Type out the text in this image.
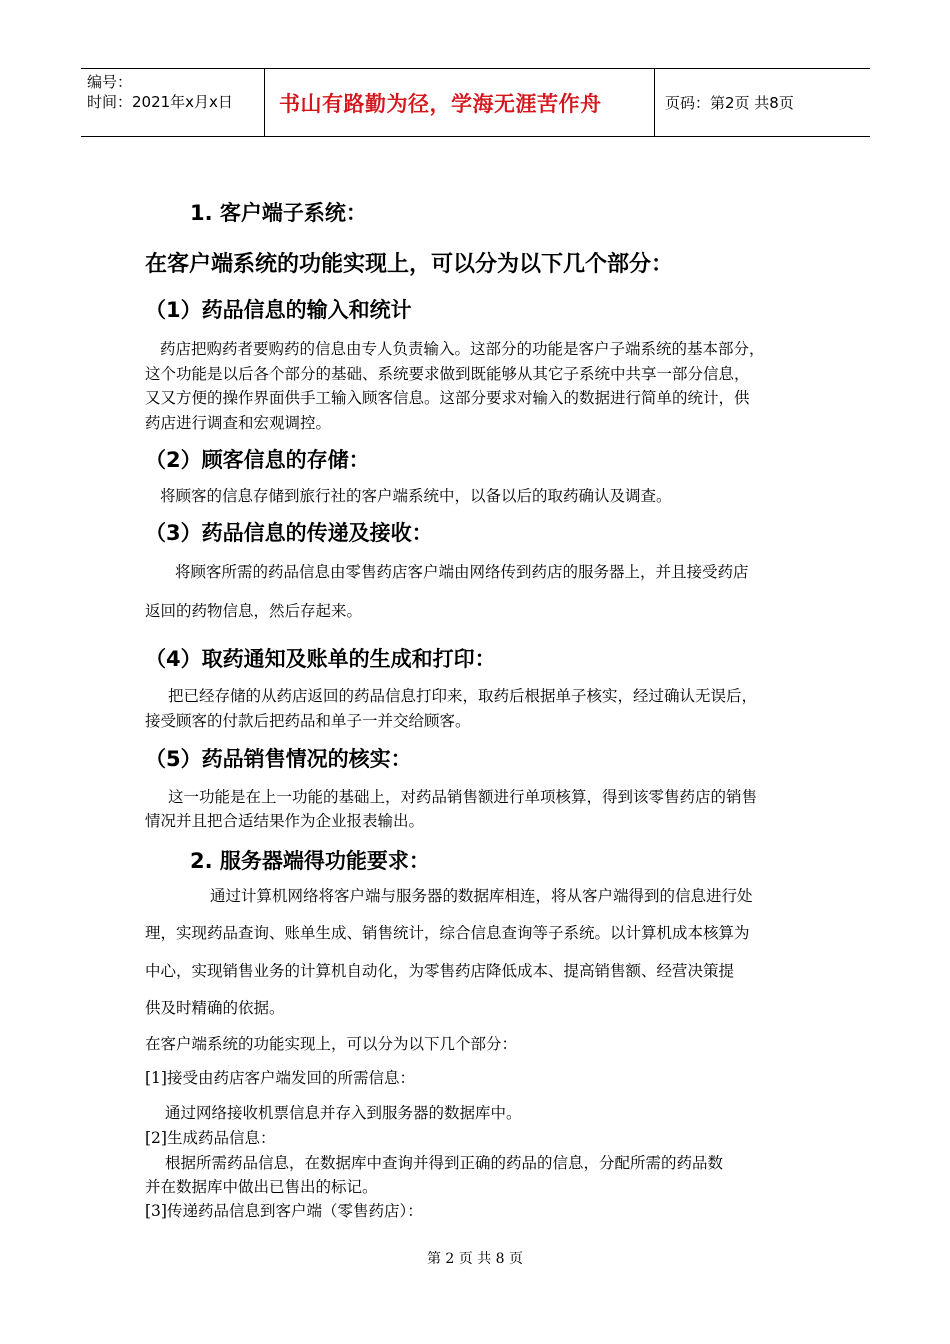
编号：
时间：2021年x月x日	书山有路勤为径，学海无涯苦作舟	页码：第2页 共8页
1. 客户端子系统：
在客户端系统的功能实现上，可以分为以下几个部分：
（1）药品信息的输入和统计
药店把购药者要购药的信息由专人负责输入。这部分的功能是客户子端系统的基本部分，
这个功能是以后各个部分的基础、系统要求做到既能够从其它子系统中共享一部分信息，
又又方便的操作界面供手工输入顾客信息。这部分要求对输入的数据进行简单的统计，供
药店进行调查和宏观调控。
（2）顾客信息的存储：
将顾客的信息存储到旅行社的客户端系统中，以备以后的取药确认及调查。
（3）药品信息的传递及接收：
将顾客所需的药品信息由零售药店客户端由网络传到药店的服务器上，并且接受药店
返回的药物信息，然后存起来。
（4）取药通知及账单的生成和打印：
把已经存储的从药店返回的药品信息打印来，取药后根据单子核实，经过确认无误后，
接受顾客的付款后把药品和单子一并交给顾客。
（5）药品销售情况的核实：
这一功能是在上一功能的基础上，对药品销售额进行单项核算，得到该零售药店的销售
情况并且把合适结果作为企业报表输出。
2. 服务器端得功能要求：
通过计算机网络将客户端与服务器的数据库相连，将从客户端得到的信息进行处
理，实现药品查询、账单生成、销售统计，综合信息查询等子系统。以计算机成本核算为
中心，实现销售业务的计算机自动化，为零售药店降低成本、提高销售额、经营决策提
供及时精确的依据。
在客户端系统的功能实现上，可以分为以下几个部分：
[1]接受由药店客户端发回的所需信息：
通过网络接收机票信息并存入到服务器的数据库中。
[2]生成药品信息：
根据所需药品信息，在数据库中查询并得到正确的药品的信息，分配所需的药品数
并在数据库中做出已售出的标记。
[3]传递药品信息到客户端（零售药店）：
第 2 页 共 8 页
